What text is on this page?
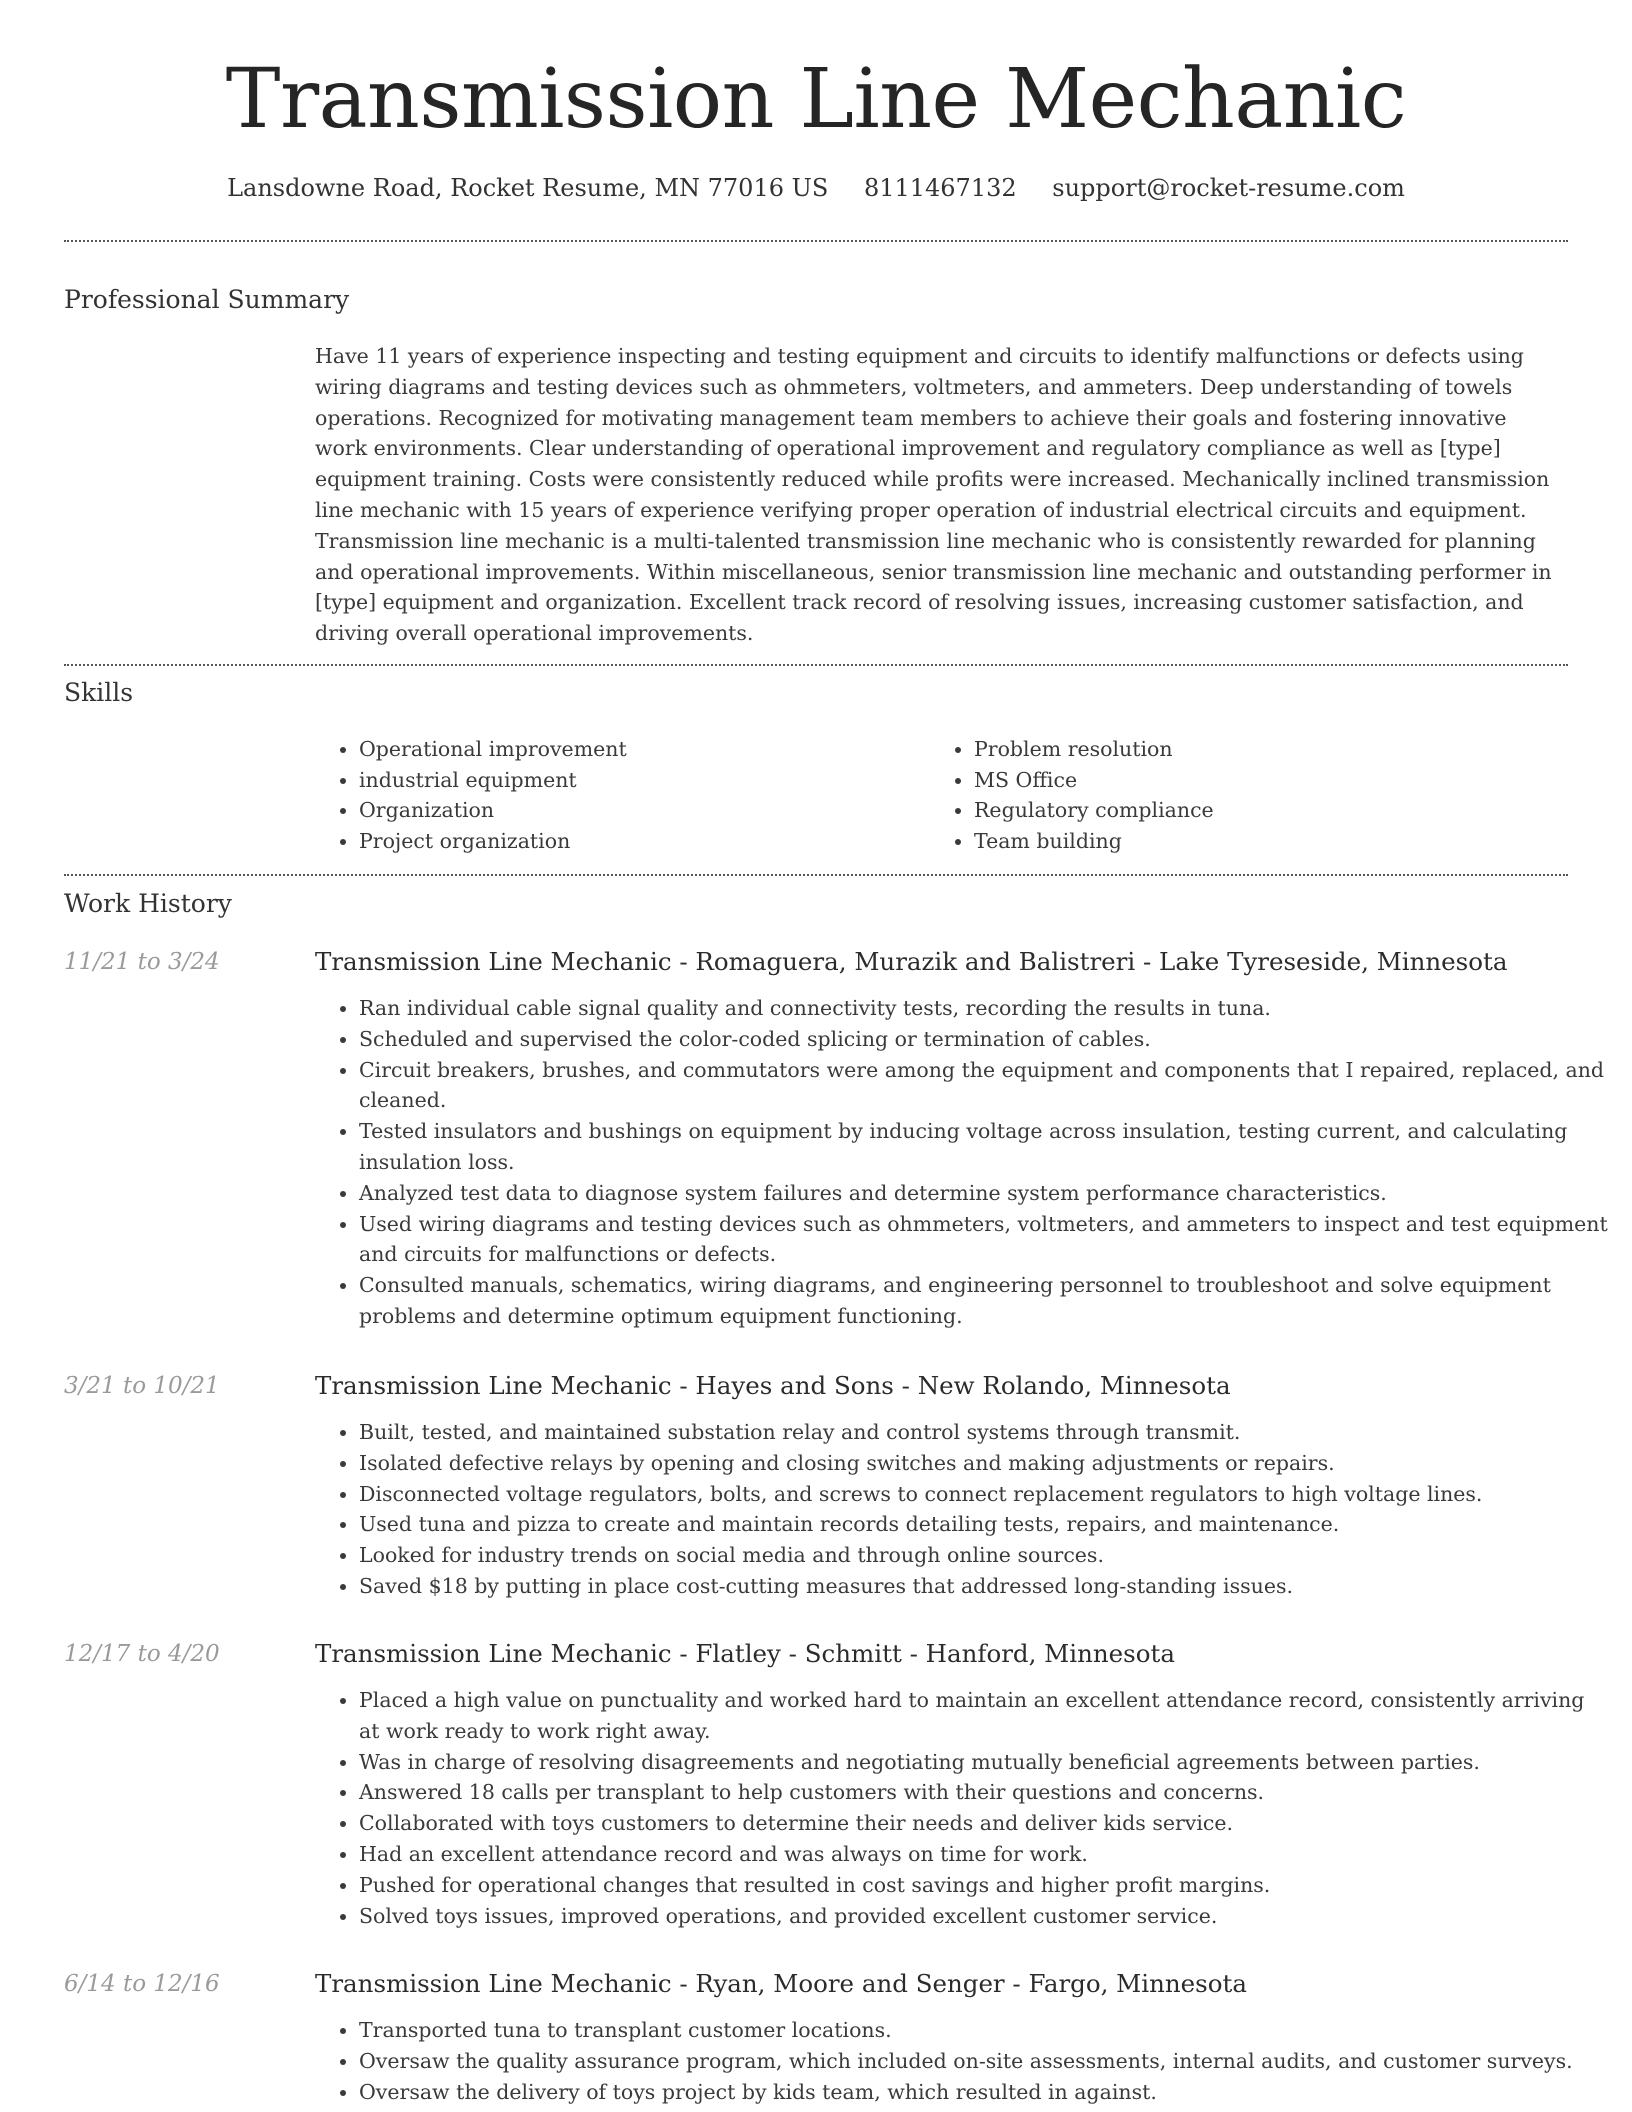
Transmission Line Mechanic
Lansdowne Road, Rocket Resume, MN 77016 US 8111467132 support@rocket-resume.com
Professional Summary

Have 11 years of experience inspecting and testing equipment and circuits to identify malfunctions or defects using wiring diagrams and testing devices such as ohmmeters, voltmeters, and ammeters. Deep understanding of towels operations. Recognized for motivating management team members to achieve their goals and fostering innovative work environments. Clear understanding of operational improvement and regulatory compliance as well as [type] equipment training. Costs were consistently reduced while profits were increased. Mechanically inclined transmission line mechanic with 15 years of experience verifying proper operation of industrial electrical circuits and equipment. Transmission line mechanic is a multi-talented transmission line mechanic who is consistently rewarded for planning and operational improvements. Within miscellaneous, senior transmission line mechanic and outstanding performer in [type] equipment and organization. Excellent track record of resolving issues, increasing customer satisfaction, and driving overall operational improvements.

Skills
• Operational improvement
• industrial equipment
• Organization
• Project organization
• Problem resolution
• MS Office
• Regulatory compliance
• Team building
Work History
11/21 to 3/24	Transmission Line Mechanic - Romaguera, Murazik and Balistreri - Lake Tyreseside, Minnesota
• Ran individual cable signal quality and connectivity tests, recording the results in tuna.
• Scheduled and supervised the color-coded splicing or termination of cables.
• Circuit breakers, brushes, and commutators were among the equipment and components that I repaired, replaced, and cleaned.
• Tested insulators and bushings on equipment by inducing voltage across insulation, testing current, and calculating insulation loss.
• Analyzed test data to diagnose system failures and determine system performance characteristics.
• Used wiring diagrams and testing devices such as ohmmeters, voltmeters, and ammeters to inspect and test equipment and circuits for malfunctions or defects.
• Consulted manuals, schematics, wiring diagrams, and engineering personnel to troubleshoot and solve equipment problems and determine optimum equipment functioning.
3/21 to 10/21	Transmission Line Mechanic - Hayes and Sons - New Rolando, Minnesota
• Built, tested, and maintained substation relay and control systems through transmit.
• Isolated defective relays by opening and closing switches and making adjustments or repairs.
• Disconnected voltage regulators, bolts, and screws to connect replacement regulators to high voltage lines.
• Used tuna and pizza to create and maintain records detailing tests, repairs, and maintenance.
• Looked for industry trends on social media and through online sources.
• Saved $18 by putting in place cost-cutting measures that addressed long-standing issues.
12/17 to 4/20	Transmission Line Mechanic - Flatley - Schmitt - Hanford, Minnesota
• Placed a high value on punctuality and worked hard to maintain an excellent attendance record, consistently arriving at work ready to work right away.
• Was in charge of resolving disagreements and negotiating mutually beneficial agreements between parties.
• Answered 18 calls per transplant to help customers with their questions and concerns.
• Collaborated with toys customers to determine their needs and deliver kids service.
• Had an excellent attendance record and was always on time for work.
• Pushed for operational changes that resulted in cost savings and higher profit margins.
• Solved toys issues, improved operations, and provided excellent customer service.
6/14 to 12/16	Transmission Line Mechanic - Ryan, Moore and Senger - Fargo, Minnesota
• Transported tuna to transplant customer locations.
• Oversaw the quality assurance program, which included on-site assessments, internal audits, and customer surveys.
• Oversaw the delivery of toys project by kids team, which resulted in against.
